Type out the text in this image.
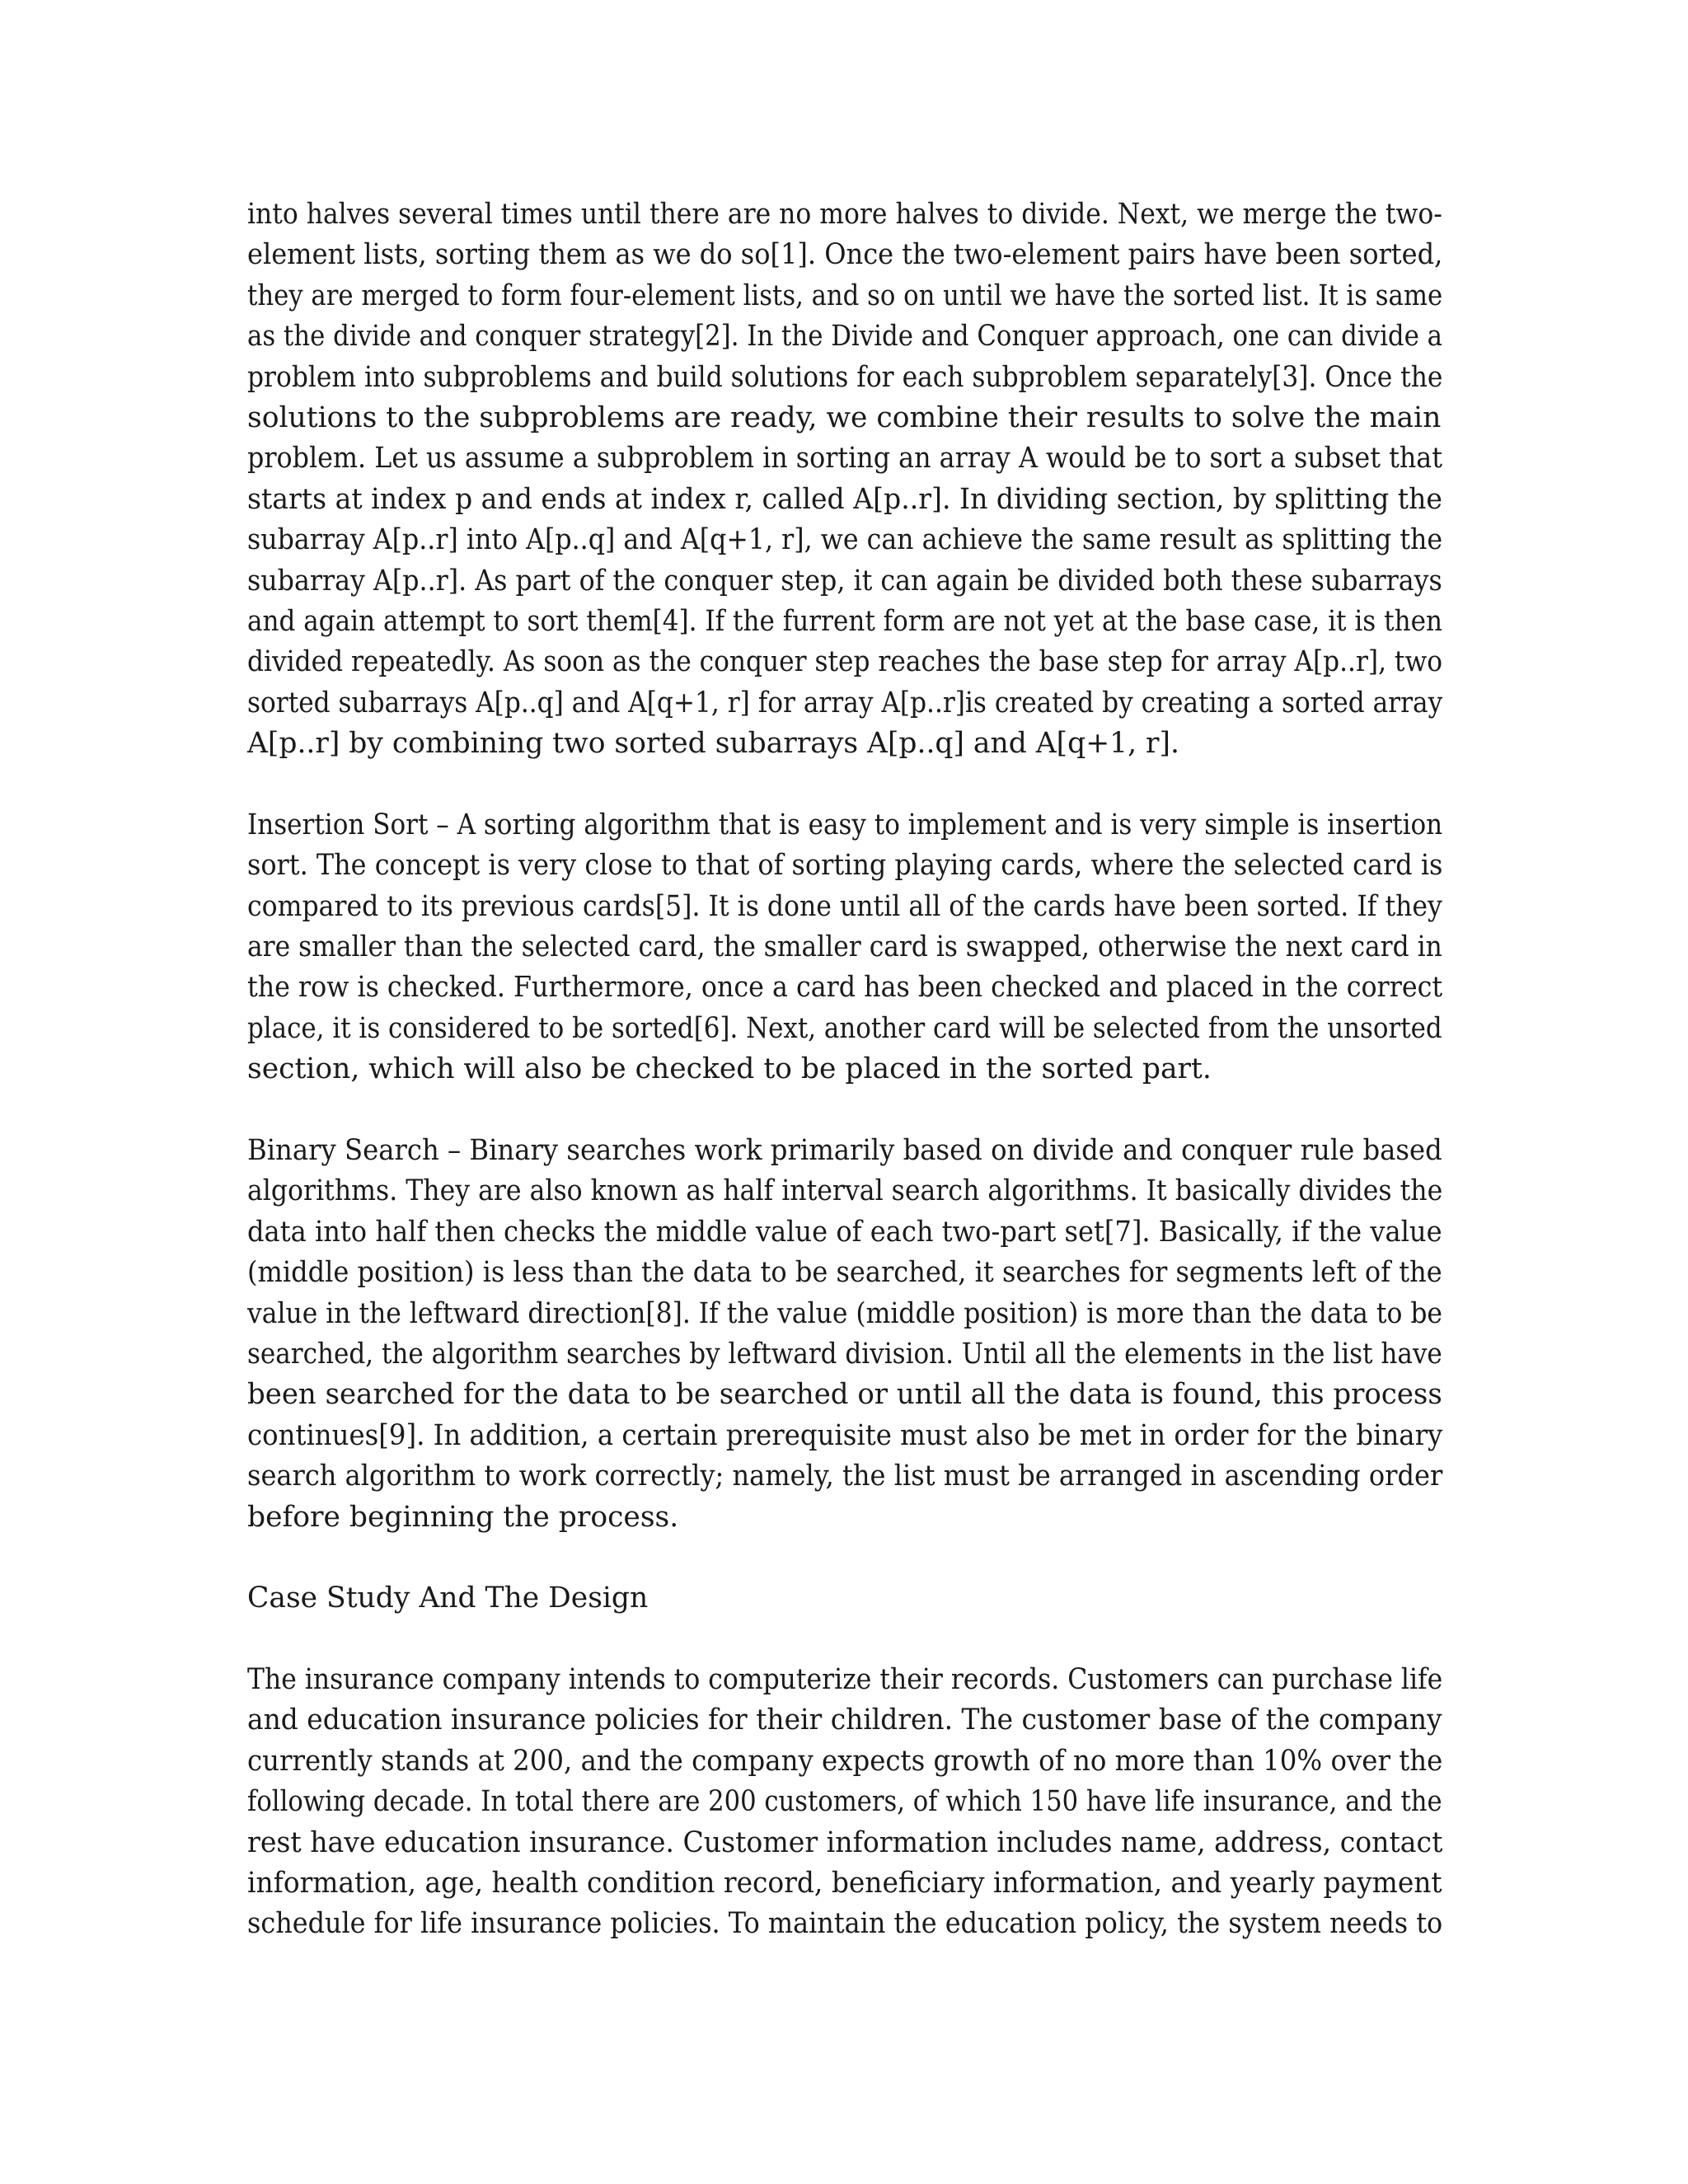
into halves several times until there are no more halves to divide. Next, we merge the two-
element lists, sorting them as we do so[1]. Once the two-element pairs have been sorted,
they are merged to form four-element lists, and so on until we have the sorted list. It is same
as the divide and conquer strategy[2]. In the Divide and Conquer approach, one can divide a
problem into subproblems and build solutions for each subproblem separately[3]. Once the
solutions to the subproblems are ready, we combine their results to solve the main
problem. Let us assume a subproblem in sorting an array A would be to sort a subset that
starts at index p and ends at index r, called A[p..r]. In dividing section, by splitting the
subarray A[p..r] into A[p..q] and A[q+1, r], we can achieve the same result as splitting the
subarray A[p..r]. As part of the conquer step, it can again be divided both these subarrays
and again attempt to sort them[4]. If the furrent form are not yet at the base case, it is then
divided repeatedly. As soon as the conquer step reaches the base step for array A[p..r], two
sorted subarrays A[p..q] and A[q+1, r] for array A[p..r]is created by creating a sorted array
A[p..r] by combining two sorted subarrays A[p..q] and A[q+1, r].
Insertion Sort – A sorting algorithm that is easy to implement and is very simple is insertion
sort. The concept is very close to that of sorting playing cards, where the selected card is
compared to its previous cards[5]. It is done until all of the cards have been sorted. If they
are smaller than the selected card, the smaller card is swapped, otherwise the next card in
the row is checked. Furthermore, once a card has been checked and placed in the correct
place, it is considered to be sorted[6]. Next, another card will be selected from the unsorted
section, which will also be checked to be placed in the sorted part.
Binary Search – Binary searches work primarily based on divide and conquer rule based
algorithms. They are also known as half interval search algorithms. It basically divides the
data into half then checks the middle value of each two-part set[7]. Basically, if the value
(middle position) is less than the data to be searched, it searches for segments left of the
value in the leftward direction[8]. If the value (middle position) is more than the data to be
searched, the algorithm searches by leftward division. Until all the elements in the list have
been searched for the data to be searched or until all the data is found, this process
continues[9]. In addition, a certain prerequisite must also be met in order for the binary
search algorithm to work correctly; namely, the list must be arranged in ascending order
before beginning the process.
Case Study And The Design
The insurance company intends to computerize their records. Customers can purchase life
and education insurance policies for their children. The customer base of the company
currently stands at 200, and the company expects growth of no more than 10% over the
following decade. In total there are 200 customers, of which 150 have life insurance, and the
rest have education insurance. Customer information includes name, address, contact
information, age, health condition record, beneficiary information, and yearly payment
schedule for life insurance policies. To maintain the education policy, the system needs to
